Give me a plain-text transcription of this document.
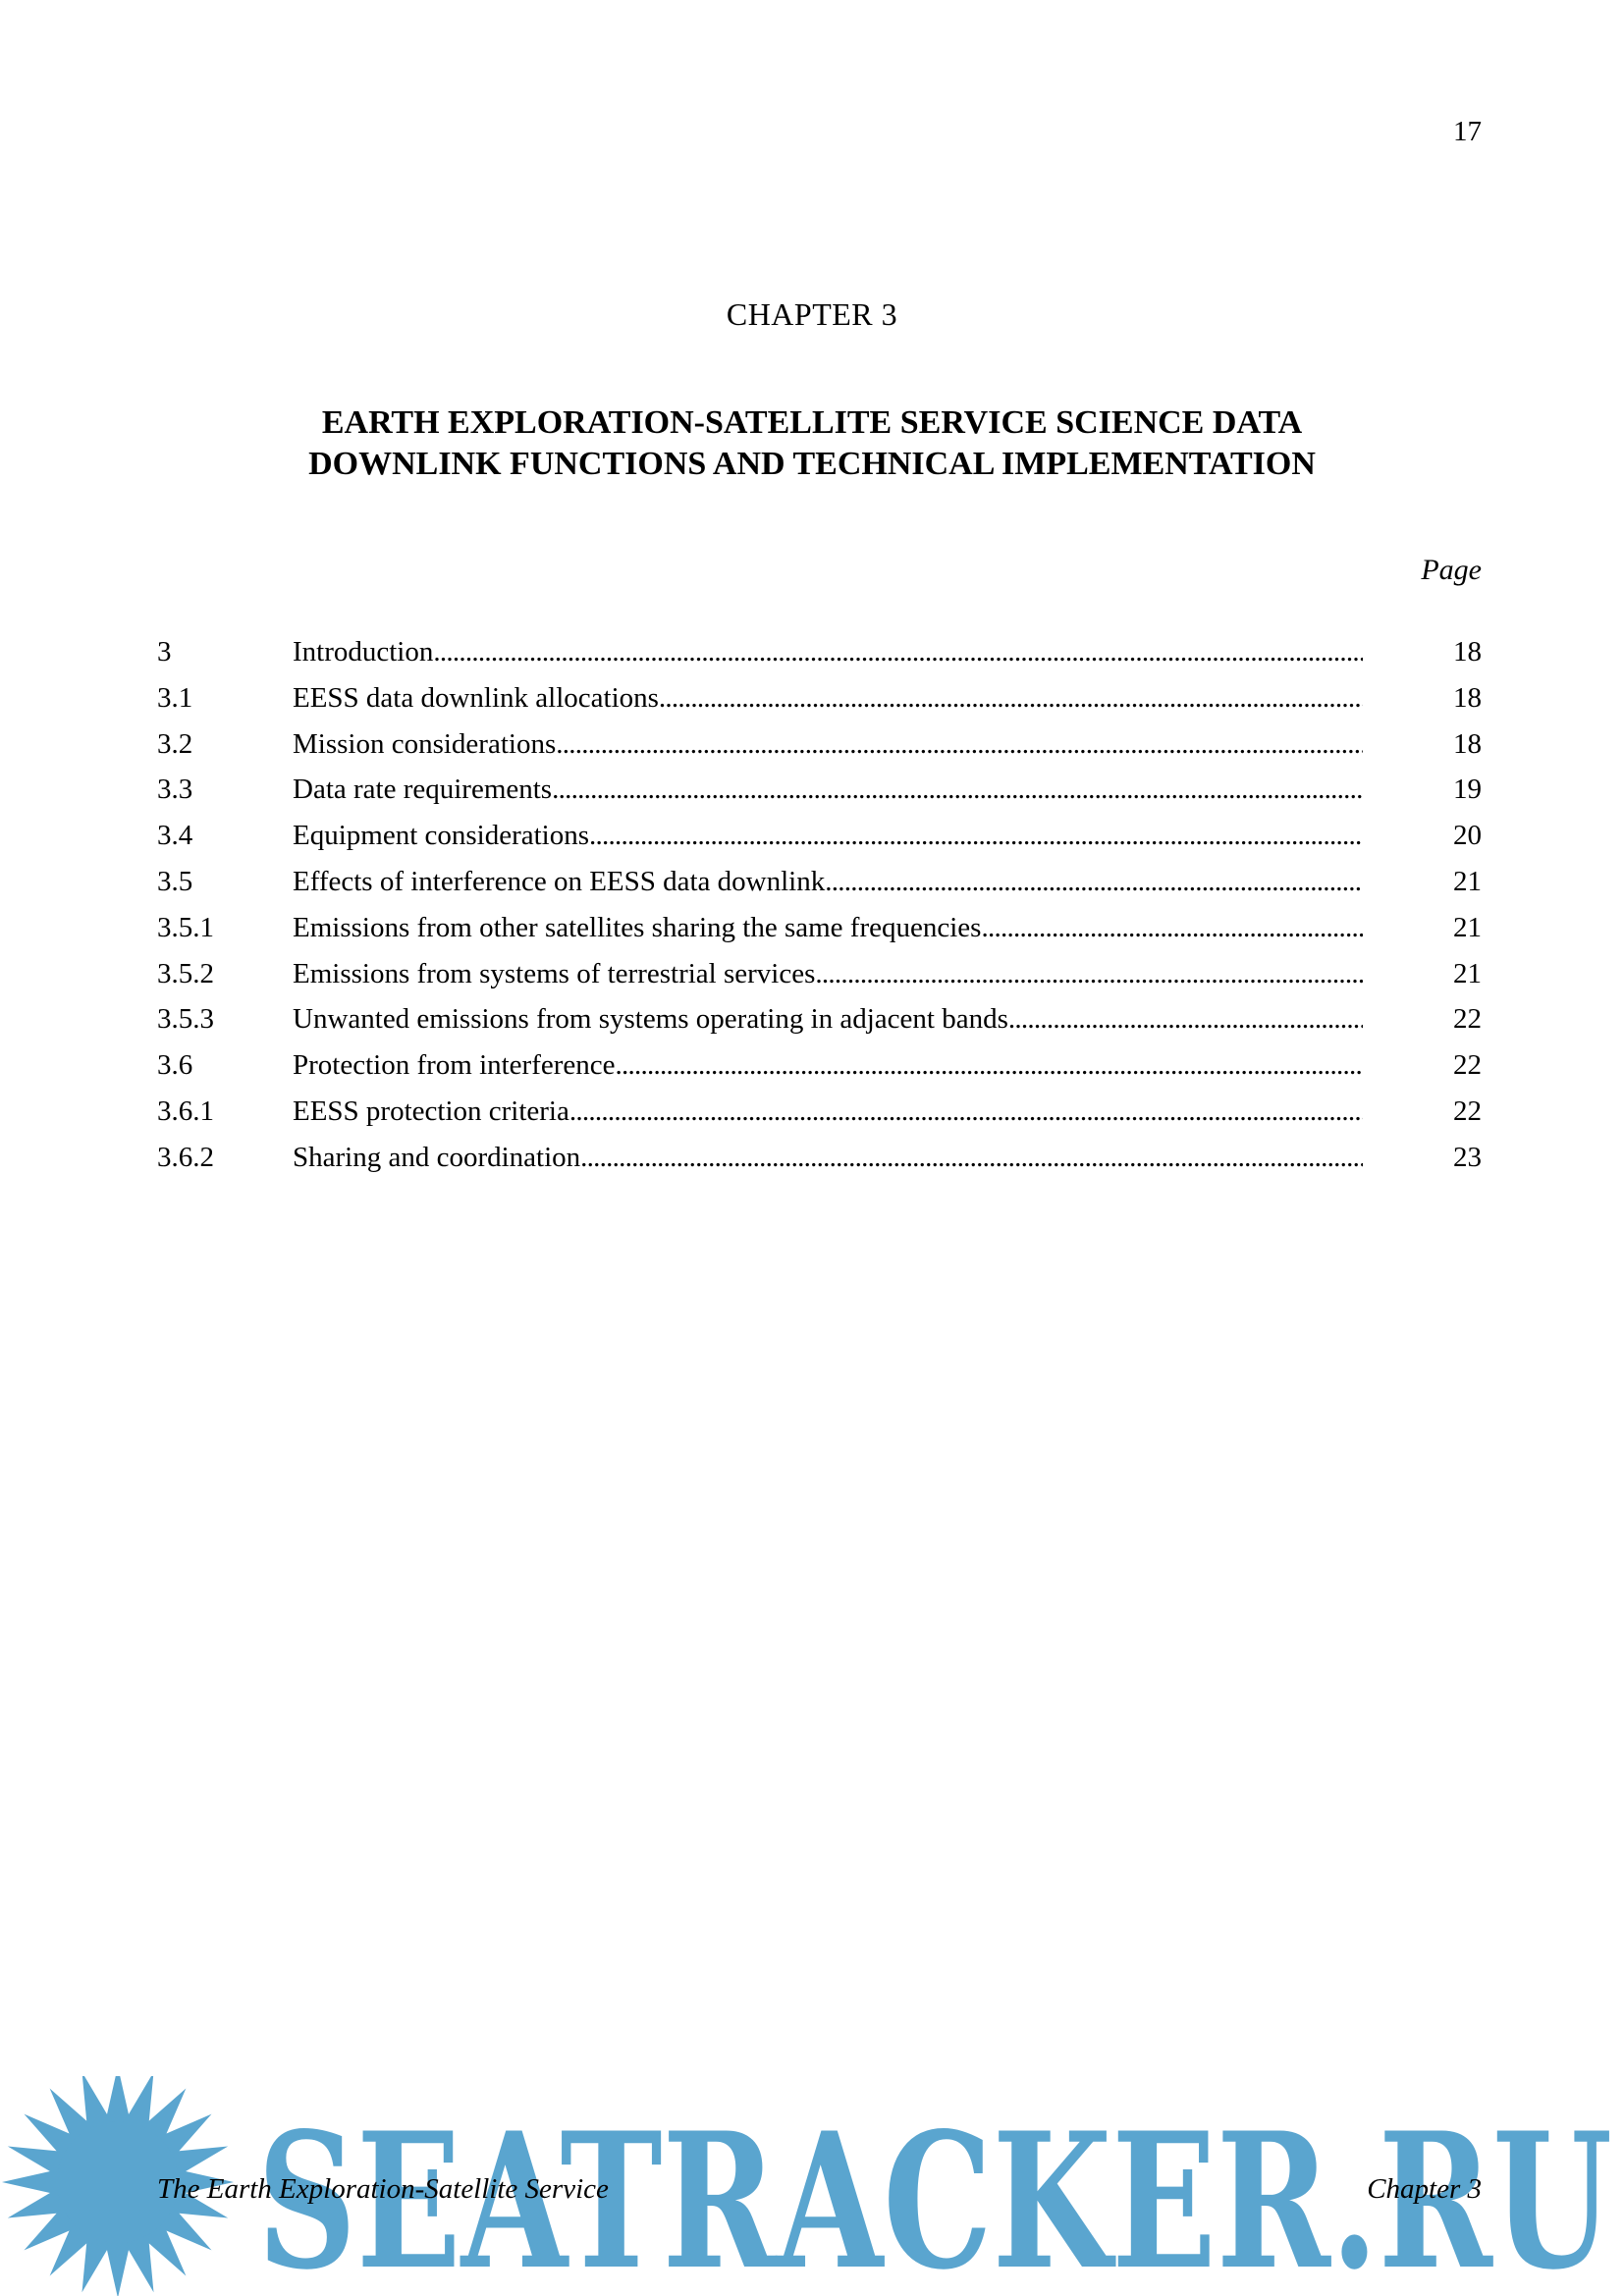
17
CHAPTER 3
EARTH EXPLORATION-SATELLITE SERVICE SCIENCE DATA
DOWNLINK FUNCTIONS AND TECHNICAL IMPLEMENTATION
Page
3	Introduction . . .	18
3.1	EESS data downlink allocations . . .	18
3.2	Mission considerations . . .	18
3.3	Data rate requirements . . .	19
3.4	Equipment considerations . . .	20
3.5	Effects of interference on EESS data downlink . . .	21
3.5.1	Emissions from other satellites sharing the same frequencies . . .	21
3.5.2	Emissions from systems of terrestrial services . . .	21
3.5.3	Unwanted emissions from systems operating in adjacent bands . . .	22
3.6	Protection from interference . . .	22
3.6.1	EESS protection criteria . . .	22
3.6.2	Sharing and coordination . . .	23
SEATRACKER.RU
The Earth Exploration-Satellite Service	Chapter 3
